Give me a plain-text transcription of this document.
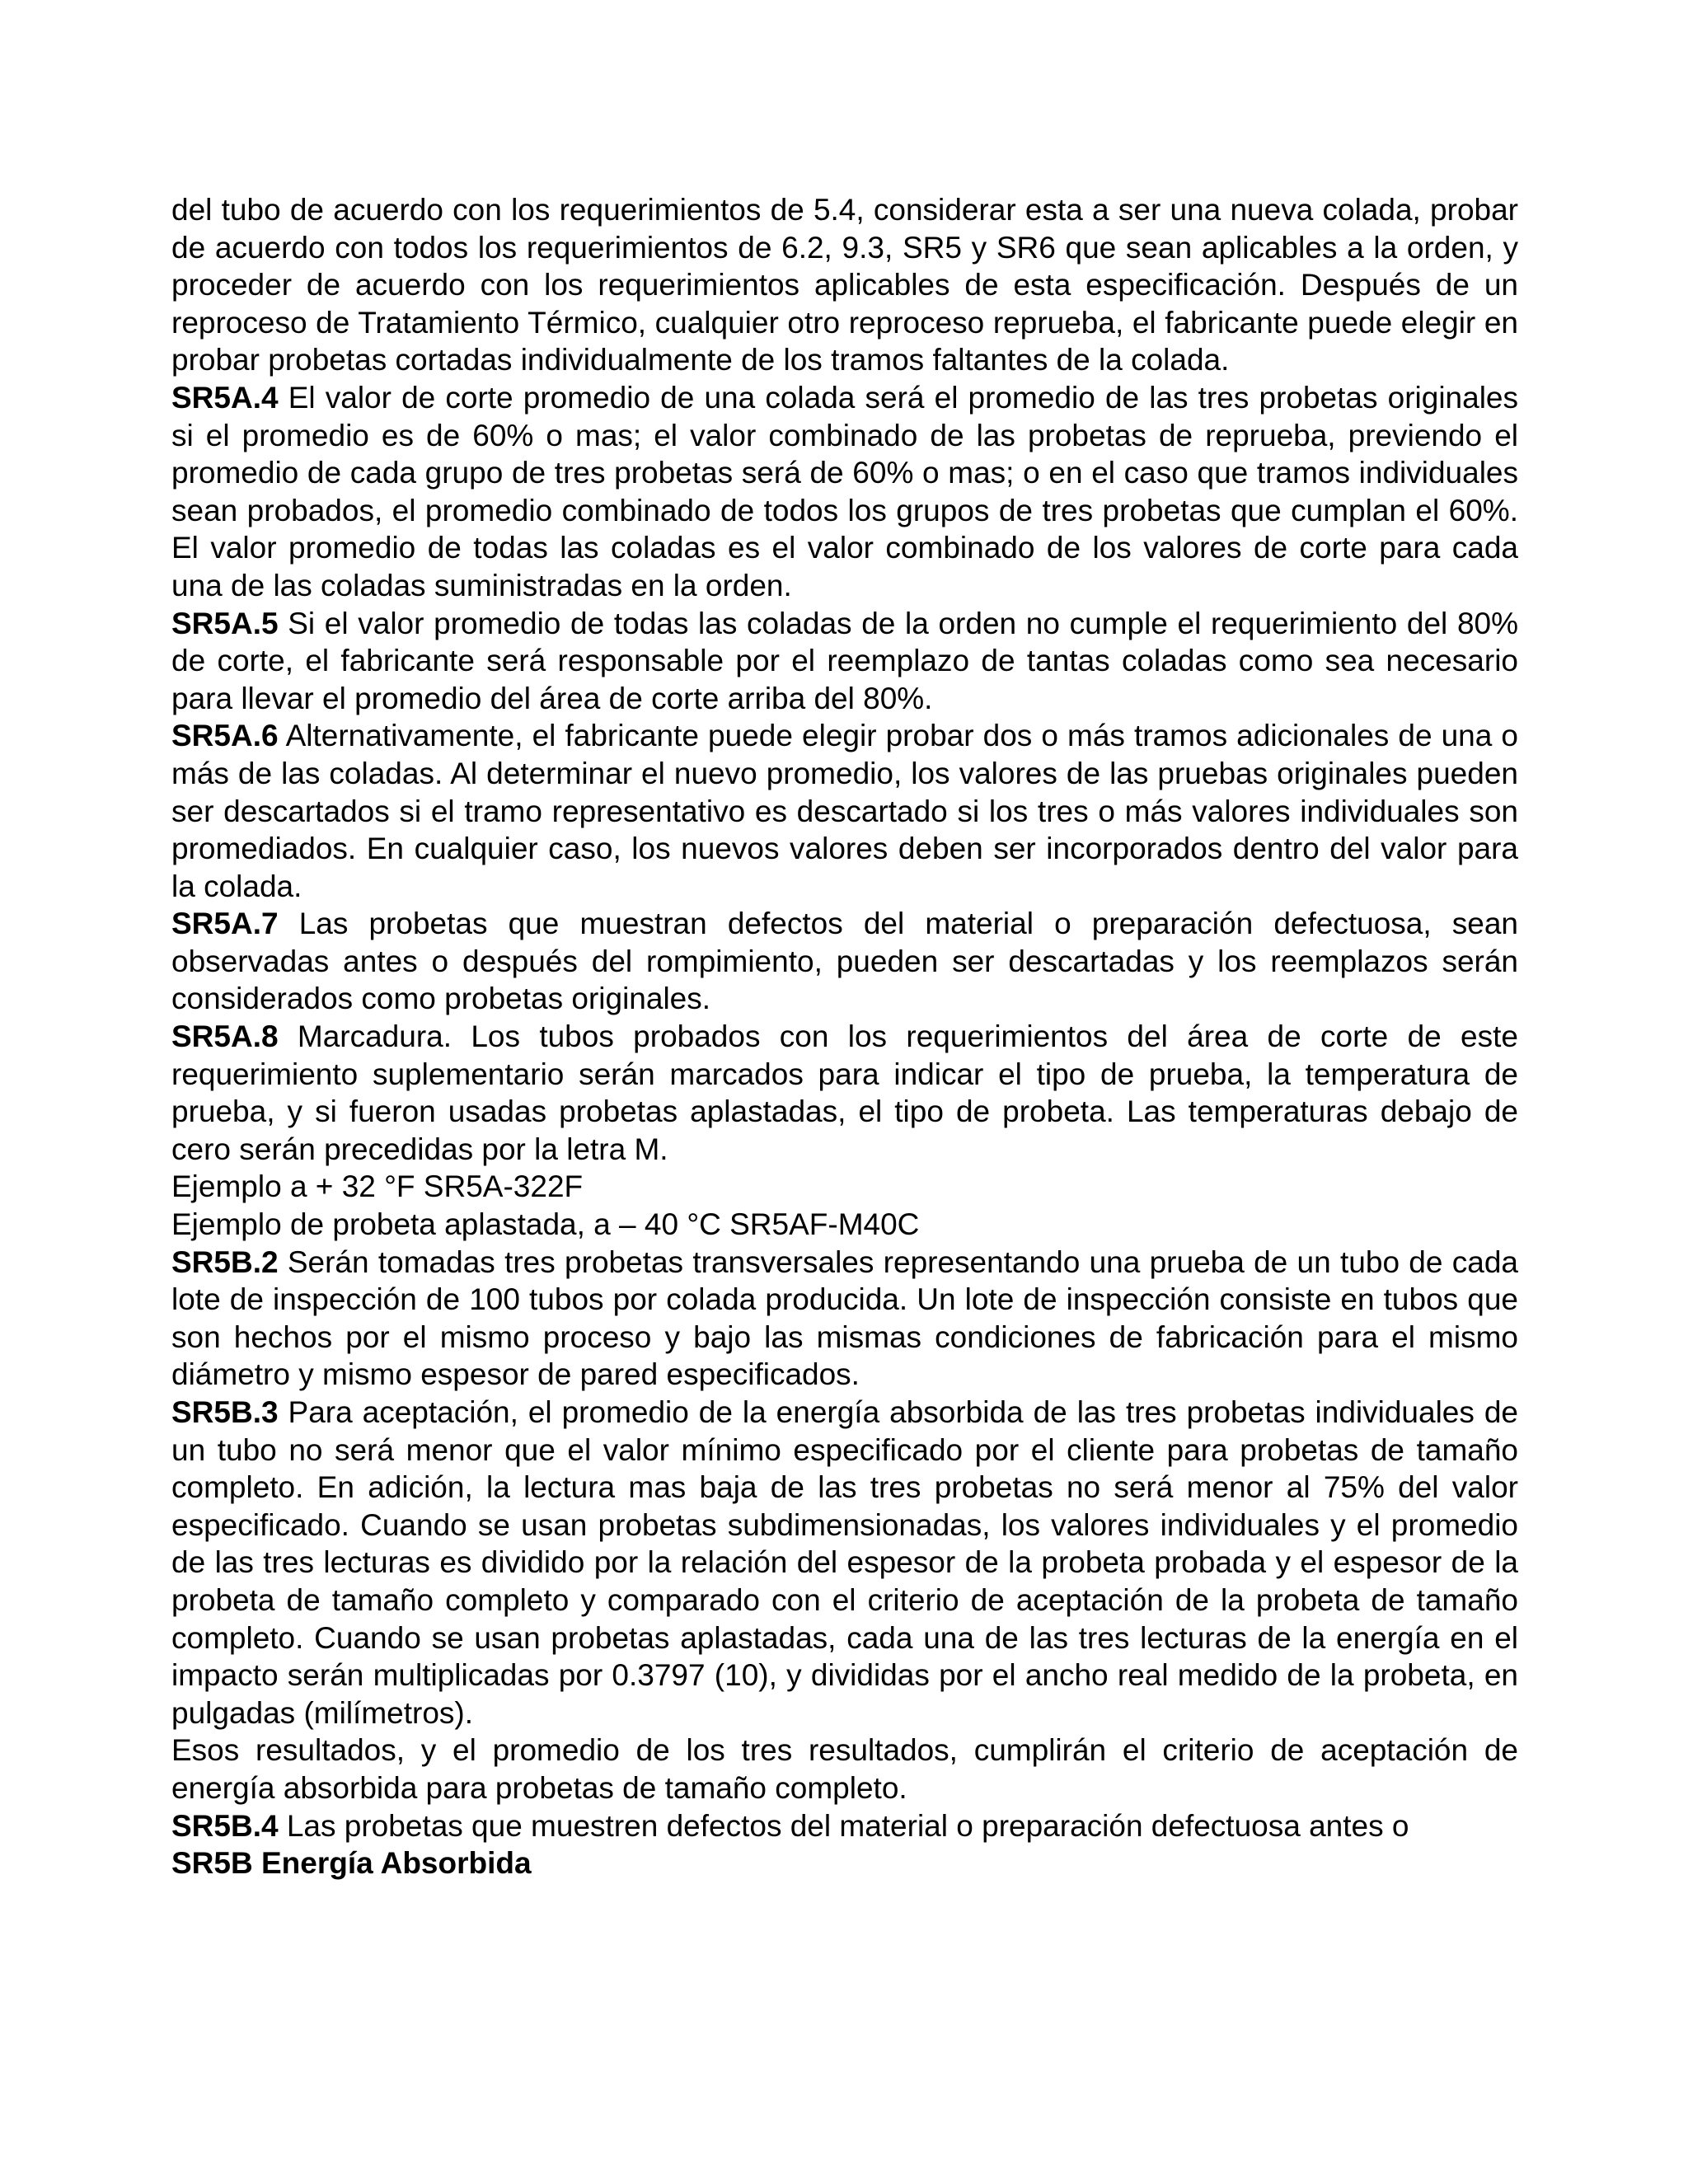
del tubo de acuerdo con los requerimientos de 5.4, considerar esta a ser una nueva colada, probar de acuerdo con todos los requerimientos de 6.2, 9.3, SR5 y SR6 que sean aplicables a la orden, y proceder de acuerdo con los requerimientos aplicables de esta especificación. Después de un reproceso de Tratamiento Térmico, cualquier otro reproceso reprueba, el fabricante puede elegir en probar probetas cortadas individualmente de los tramos faltantes de la colada.

SR5A.4 El valor de corte promedio de una colada será el promedio de las tres probetas originales si el promedio es de 60% o mas; el valor combinado de las probetas de reprueba, previendo el promedio de cada grupo de tres probetas será de 60% o mas; o en el caso que tramos individuales sean probados, el promedio combinado de todos los grupos de tres probetas que cumplan el 60%. El valor promedio de todas las coladas es el valor combinado de los valores de corte para cada una de las coladas suministradas en la orden.

SR5A.5 Si el valor promedio de todas las coladas de la orden no cumple el requerimiento del 80% de corte, el fabricante será responsable por el reemplazo de tantas coladas como sea necesario para llevar el promedio del área de corte arriba del 80%.

SR5A.6 Alternativamente, el fabricante puede elegir probar dos o más tramos adicionales de una o más de las coladas. Al determinar el nuevo promedio, los valores de las pruebas originales pueden ser descartados si el tramo representativo es descartado si los tres o más valores individuales son promediados. En cualquier caso, los nuevos valores deben ser incorporados dentro del valor para la colada.

SR5A.7 Las probetas que muestran defectos del material o preparación defectuosa, sean observadas antes o después del rompimiento, pueden ser descartadas y los reemplazos serán considerados como probetas originales.

SR5A.8 Marcadura. Los tubos probados con los requerimientos del área de corte de este requerimiento suplementario serán marcados para indicar el tipo de prueba, la temperatura de prueba, y si fueron usadas probetas aplastadas, el tipo de probeta. Las temperaturas debajo de cero serán precedidas por la letra M.

Ejemplo a + 32 °F SR5A-322F

Ejemplo de probeta aplastada, a – 40 °C SR5AF-M40C

SR5B.2 Serán tomadas tres probetas transversales representando una prueba de un tubo de cada lote de inspección de 100 tubos por colada producida. Un lote de inspección consiste en tubos que son hechos por el mismo proceso y bajo las mismas condiciones de fabricación para el mismo diámetro y mismo espesor de pared especificados.

SR5B.3 Para aceptación, el promedio de la energía absorbida de las tres probetas individuales de un tubo no será menor que el valor mínimo especificado por el cliente para probetas de tamaño completo. En adición, la lectura mas baja de las tres probetas no será menor al 75% del valor especificado. Cuando se usan probetas subdimensionadas, los valores individuales y el promedio de las tres lecturas es dividido por la relación del espesor de la probeta probada y el espesor de la probeta de tamaño completo y comparado con el criterio de aceptación de la probeta de tamaño completo. Cuando se usan probetas aplastadas, cada una de las tres lecturas de la energía en el impacto serán multiplicadas por 0.3797 (10), y divididas por el ancho real medido de la probeta, en pulgadas (milímetros).

Esos resultados, y el promedio de los tres resultados, cumplirán el criterio de aceptación de energía absorbida para probetas de tamaño completo.

SR5B.4 Las probetas que muestren defectos del material o preparación defectuosa antes o

SR5B Energía Absorbida
